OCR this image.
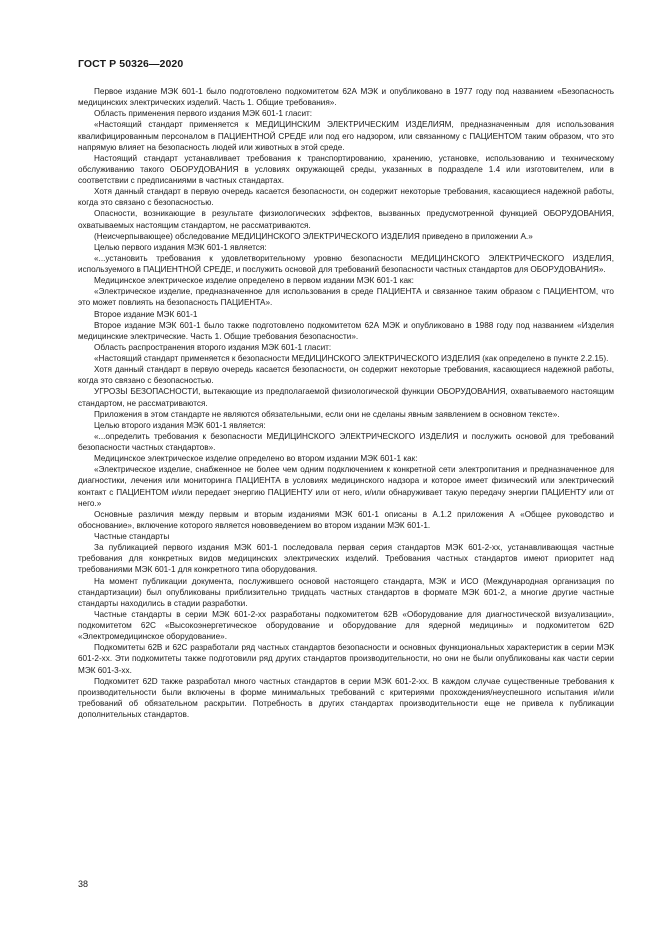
ГОСТ Р 50326—2020

Первое издание МЭК 601-1 было подготовлено подкомитетом 62А МЭК и опубликовано в 1977 году под названием «Безопасность медицинских электрических изделий. Часть 1. Общие требования».

Область применения первого издания МЭК 601-1 гласит:

«Настоящий стандарт применяется к МЕДИЦИНСКИМ ЭЛЕКТРИЧЕСКИМ ИЗДЕЛИЯМ, предназначенным для использования квалифицированным персоналом в ПАЦИЕНТНОЙ СРЕДЕ или под его надзором, или связанному с ПАЦИЕНТОМ таким образом, что это напрямую влияет на безопасность людей или животных в этой среде.

Настоящий стандарт устанавливает требования к транспортированию, хранению, установке, использованию и техническому обслуживанию такого ОБОРУДОВАНИЯ в условиях окружающей среды, указанных в подразделе 1.4 или изготовителем, или в соответствии с предписаниями в частных стандартах.

Хотя данный стандарт в первую очередь касается безопасности, он содержит некоторые требования, касающиеся надежной работы, когда это связано с безопасностью.

Опасности, возникающие в результате физиологических эффектов, вызванных предусмотренной функцией ОБОРУДОВАНИЯ, охватываемых настоящим стандартом, не рассматриваются.

(Неисчерпывающее) обследование МЕДИЦИНСКОГО ЭЛЕКТРИЧЕСКОГО ИЗДЕЛИЯ приведено в приложении А.»

Целью первого издания МЭК 601-1 является:

«...установить требования к удовлетворительному уровню безопасности МЕДИЦИНСКОГО ЭЛЕКТРИЧЕСКОГО ИЗДЕЛИЯ, используемого в ПАЦИЕНТНОЙ СРЕДЕ, и послужить основой для требований безопасности частных стандартов для ОБОРУДОВАНИЯ».

Медицинское электрическое изделие определено в первом издании МЭК 601-1 как:

«Электрическое изделие, предназначенное для использования в среде ПАЦИЕНТА и связанное таким образом с ПАЦИЕНТОМ, что это может повлиять на безопасность ПАЦИЕНТА».

Второе издание МЭК 601-1

Второе издание МЭК 601-1 было также подготовлено подкомитетом 62А МЭК и опубликовано в 1988 году под названием «Изделия медицинские электрические. Часть 1. Общие требования безопасности».

Область распространения второго издания МЭК 601-1 гласит:

«Настоящий стандарт применяется к безопасности МЕДИЦИНСКОГО ЭЛЕКТРИЧЕСКОГО ИЗДЕЛИЯ (как определено в пункте 2.2.15).

Хотя данный стандарт в первую очередь касается безопасности, он содержит некоторые требования, касающиеся надежной работы, когда это связано с безопасностью.

УГРОЗЫ БЕЗОПАСНОСТИ, вытекающие из предполагаемой физиологической функции ОБОРУДОВАНИЯ, охватываемого настоящим стандартом, не рассматриваются.

Приложения в этом стандарте не являются обязательными, если они не сделаны явным заявлением в основном тексте».

Целью второго издания МЭК 601-1 является:

«...определить требования к безопасности МЕДИЦИНСКОГО ЭЛЕКТРИЧЕСКОГО ИЗДЕЛИЯ и послужить основой для требований безопасности частных стандартов».

Медицинское электрическое изделие определено во втором издании МЭК 601-1 как:

«Электрическое изделие, снабженное не более чем одним подключением к конкретной сети электропитания и предназначенное для диагностики, лечения или мониторинга ПАЦИЕНТА в условиях медицинского надзора и которое имеет физический или электрический контакт с ПАЦИЕНТОМ и/или передает энергию ПАЦИЕНТУ или от него, и/или обнаруживает такую передачу энергии ПАЦИЕНТУ или от него.»

Основные различия между первым и вторым изданиями МЭК 601-1 описаны в А.1.2 приложения А «Общее руководство и обоснование», включение которого является нововведением во втором издании МЭК 601-1.

Частные стандарты

За публикацией первого издания МЭК 601-1 последовала первая серия стандартов МЭК 601-2-хх, устанавливающая частные требования для конкретных видов медицинских электрических изделий. Требования частных стандартов имеют приоритет над требованиями МЭК 601-1 для конкретного типа оборудования.

На момент публикации документа, послужившего основой настоящего стандарта, МЭК и ИСО (Международная организация по стандартизации) был опубликованы приблизительно тридцать частных стандартов в формате МЭК 601-2, а многие другие частные стандарты находились в стадии разработки.

Частные стандарты в серии МЭК 601-2-хх разработаны подкомитетом 62В «Оборудование для диагностической визуализации», подкомитетом 62С «Высокоэнергетическое оборудование и оборудование для ядерной медицины» и подкомитетом 62D «Электромедицинское оборудование».

Подкомитеты 62В и 62С разработали ряд частных стандартов безопасности и основных функциональных характеристик в серии МЭК 601-2-хх. Эти подкомитеты также подготовили ряд других стандартов производительности, но они не были опубликованы как части серии МЭК 601-3-хх.

Подкомитет 62D также разработал много частных стандартов в серии МЭК 601-2-хх. В каждом случае существенные требования к производительности были включены в форме минимальных требований с критериями прохождения/неуспешного испытания и/или требований об обязательном раскрытии. Потребность в других стандартах производительности еще не привела к публикации дополнительных стандартов.

38
